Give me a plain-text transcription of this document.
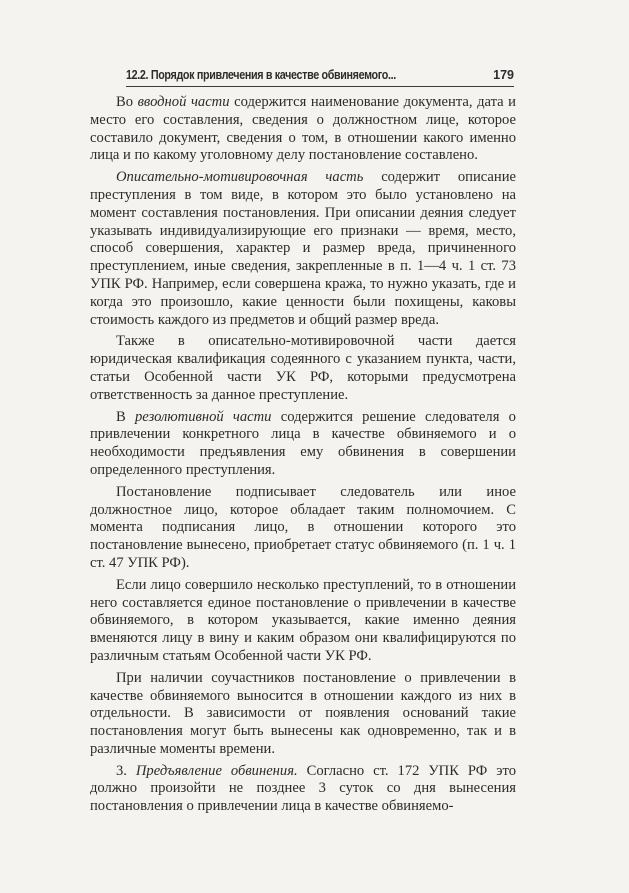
12.2. Порядок привлечения в качестве обвиняемого...	179

Во вводной части содержится наименование документа, дата и место его составления, сведения о должностном лице, которое составило документ, сведения о том, в отношении какого именно лица и по какому уголовному делу постановление составлено.

Описательно-мотивировочная часть содержит описание преступления в том виде, в котором это было установлено на момент составления постановления. При описании деяния следует указывать индивидуализирующие его признаки — время, место, способ совершения, характер и размер вреда, причиненного преступлением, иные сведения, закрепленные в п. 1—4 ч. 1 ст. 73 УПК РФ. Например, если совершена кража, то нужно указать, где и когда это произошло, какие ценности были похищены, каковы стоимость каждого из предметов и общий размер вреда.

Также в описательно-мотивировочной части дается юридическая квалификация содеянного с указанием пункта, части, статьи Особенной части УК РФ, которыми предусмотрена ответственность за данное преступление.

В резолютивной части содержится решение следователя о привлечении конкретного лица в качестве обвиняемого и о необходимости предъявления ему обвинения в совершении определенного преступления.

Постановление подписывает следователь или иное должностное лицо, которое обладает таким полномочием. С момента подписания лицо, в отношении которого это постановление вынесено, приобретает статус обвиняемого (п. 1 ч. 1 ст. 47 УПК РФ).

Если лицо совершило несколько преступлений, то в отношении него составляется единое постановление о привлечении в качестве обвиняемого, в котором указывается, какие именно деяния вменяются лицу в вину и каким образом они квалифицируются по различным статьям Особенной части УК РФ.

При наличии соучастников постановление о привлечении в качестве обвиняемого выносится в отношении каждого из них в отдельности. В зависимости от появления оснований такие постановления могут быть вынесены как одновременно, так и в различные моменты времени.

3. Предъявление обвинения. Согласно ст. 172 УПК РФ это должно произойти не позднее 3 суток со дня вынесения постановления о привлечении лица в качестве обвиняемо-
